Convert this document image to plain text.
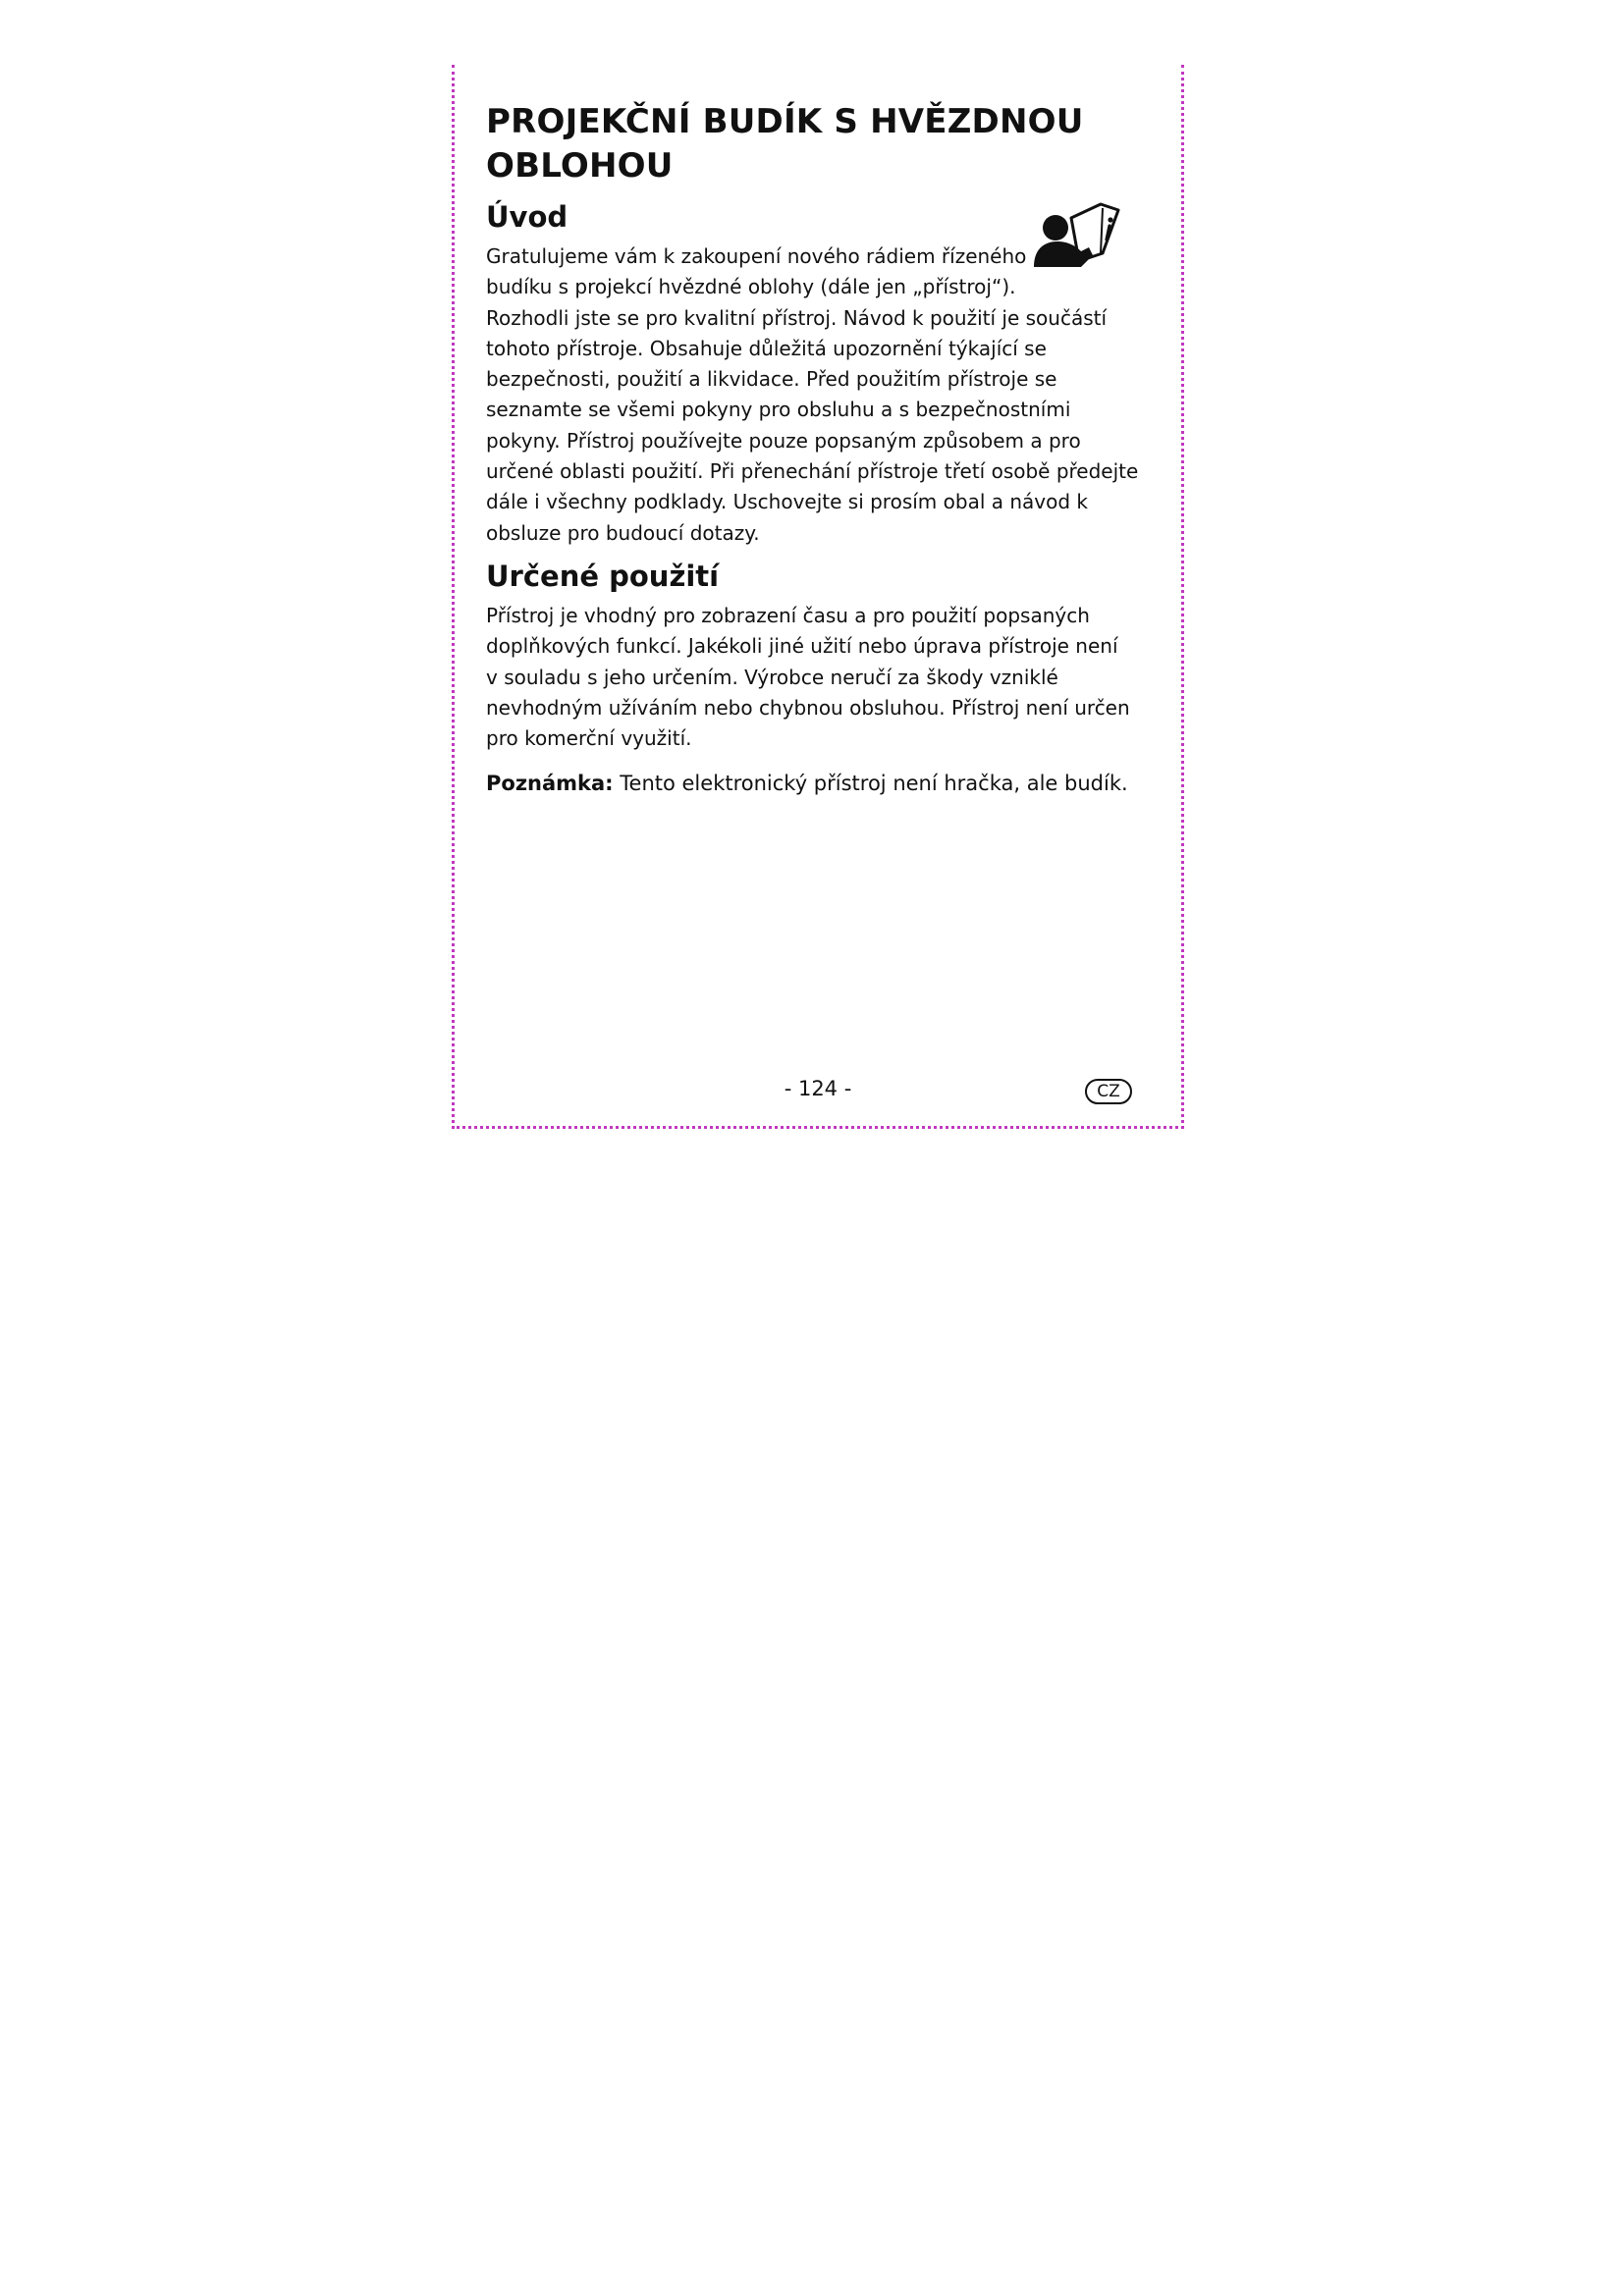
PROJEKČNÍ BUDÍK S HVĚZDNOU OBLOHOU
Úvod

Gratulujeme vám k zakoupení nového rádiem řízeného
budíku s projekcí hvězdné oblohy (dále jen „přístroj“).
Rozhodli jste se pro kvalitní přístroj. Návod k použití je součástí
tohoto přístroje. Obsahuje důležitá upozornění týkající se
bezpečnosti, použití a likvidace. Před použitím přístroje se
seznamte se všemi pokyny pro obsluhu a s bezpečnostními
pokyny. Přístroj používejte pouze popsaným způsobem a pro
určené oblasti použití. Při přenechání přístroje třetí osobě předejte
dále i všechny podklady. Uschovejte si prosím obal a návod k
obsluze pro budoucí dotazy.

Určené použití

Přístroj je vhodný pro zobrazení času a pro použití popsaných
doplňkových funkcí. Jakékoli jiné užití nebo úprava přístroje není
v souladu s jeho určením. Výrobce neručí za škody vzniklé
nevhodným užíváním nebo chybnou obsluhou. Přístroj není určen
pro komerční využití.

Poznámka: Tento elektronický přístroj není hračka, ale budík.

- 124 -	CZ
